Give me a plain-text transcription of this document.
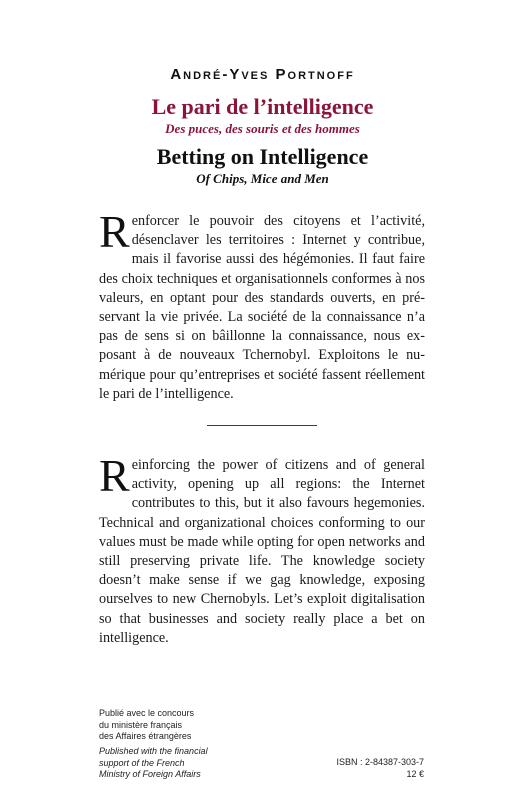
André-Yves Portnoff
Le pari de l’intelligence
Des puces, des souris et des hommes
Betting on Intelligence
Of Chips, Mice and Men
Renforcer le pouvoir des citoyens et l’activité, désenclaver les territoires : Internet y contribue, mais il favorise aussi des hégémonies. Il faut faire des choix techniques et organisationnels conformes à nos valeurs, en optant pour des standards ouverts, en préservant la vie privée. La société de la connaissance n’a pas de sens si on bâillonne la connaissance, nous exposant à de nouveaux Tchernobyl. Exploitons le numérique pour qu’entreprises et société fassent réellement le pari de l’intelligence.
Reinforcing the power of citizens and of general activity, opening up all regions: the Internet contributes to this, but it also favours hegemonies. Technical and organizational choices conforming to our values must be made while opting for open networks and still preserving private life. The knowledge society doesn’t make sense if we gag knowledge, exposing ourselves to new Chernobyls. Let’s exploit digitalisation so that businesses and society really place a bet on intelligence.
Publié avec le concours
du ministère français
des Affaires étrangères
Published with the financial
support of the French
Ministry of Foreign Affairs
ISBN : 2-84387-303-7
12 €
